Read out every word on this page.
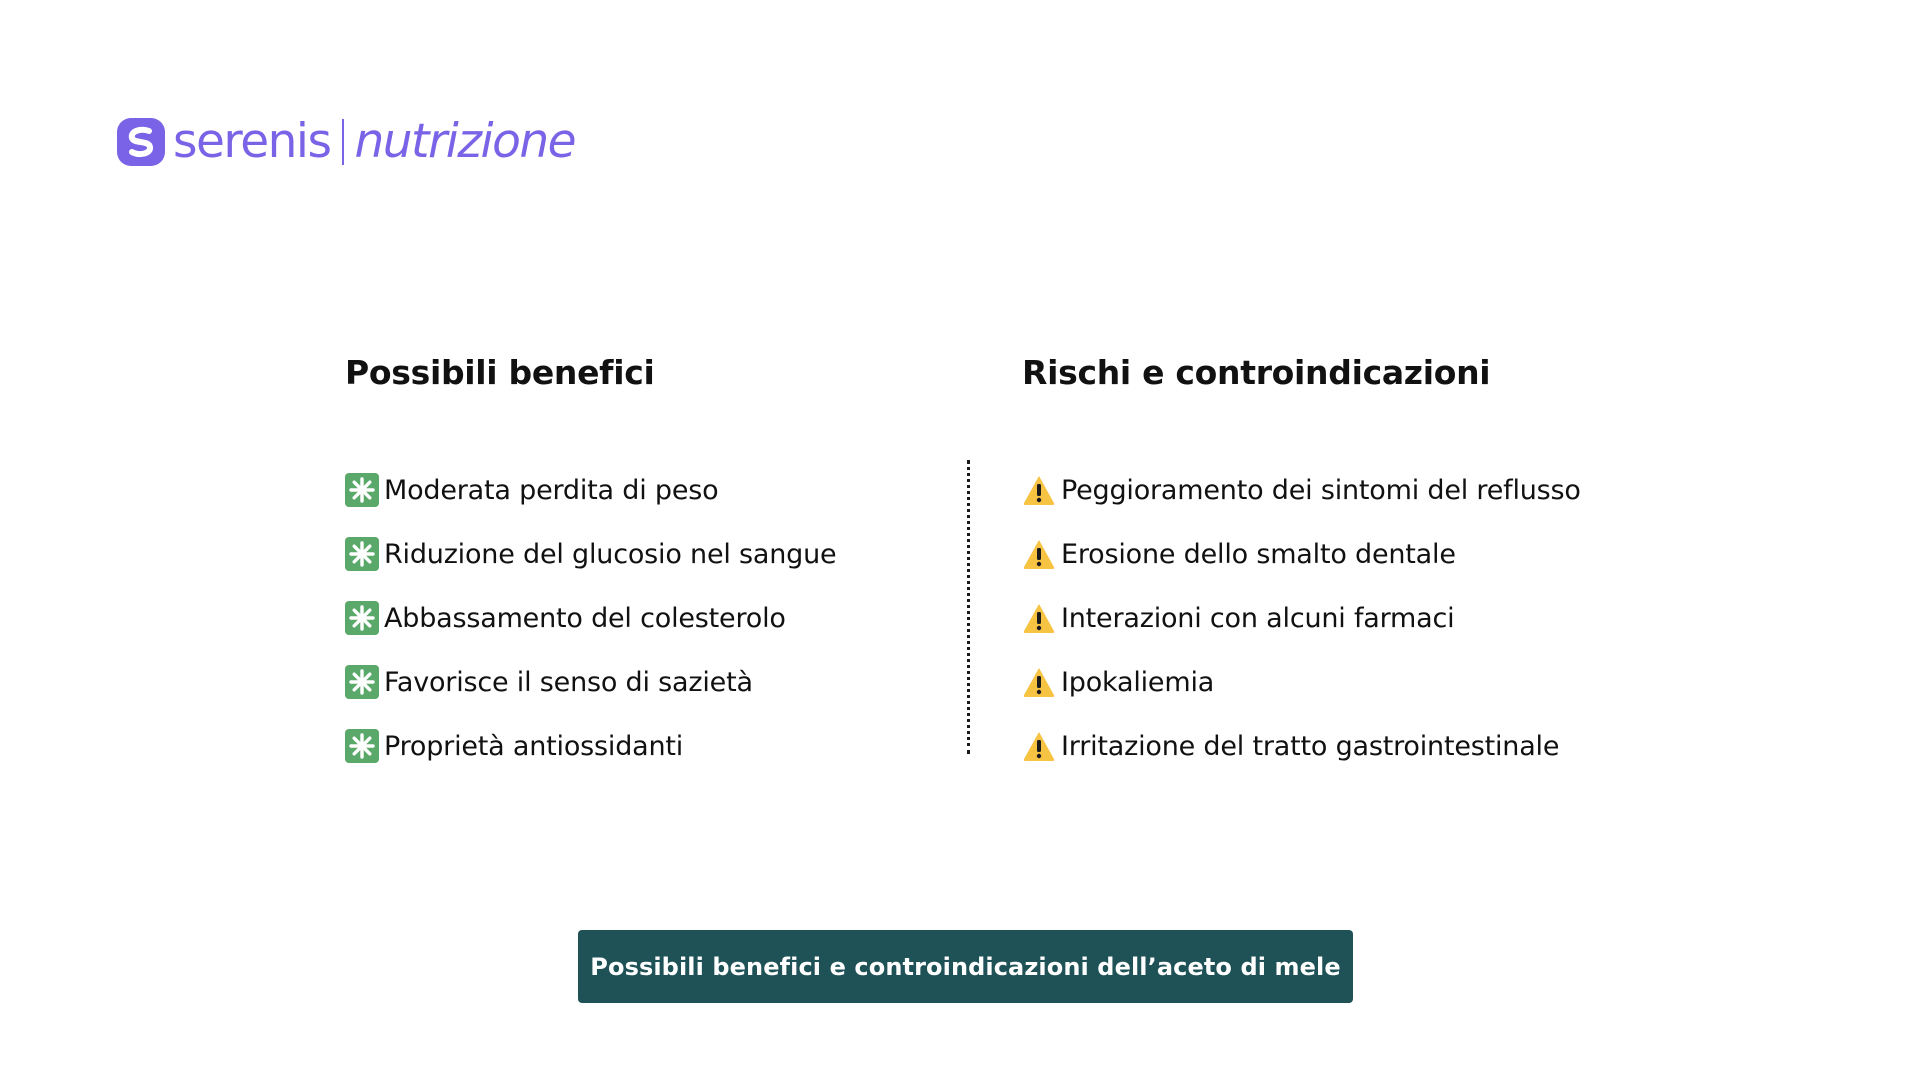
serenis nutrizione
Possibili benefici
Moderata perdita di peso
Riduzione del glucosio nel sangue
Abbassamento del colesterolo
Favorisce il senso di sazietà
Proprietà antiossidanti
Rischi e controindicazioni
Peggioramento dei sintomi del reflusso
Erosione dello smalto dentale
Interazioni con alcuni farmaci
Ipokaliemia
Irritazione del tratto gastrointestinale
Possibili benefici e controindicazioni dell’aceto di mele
